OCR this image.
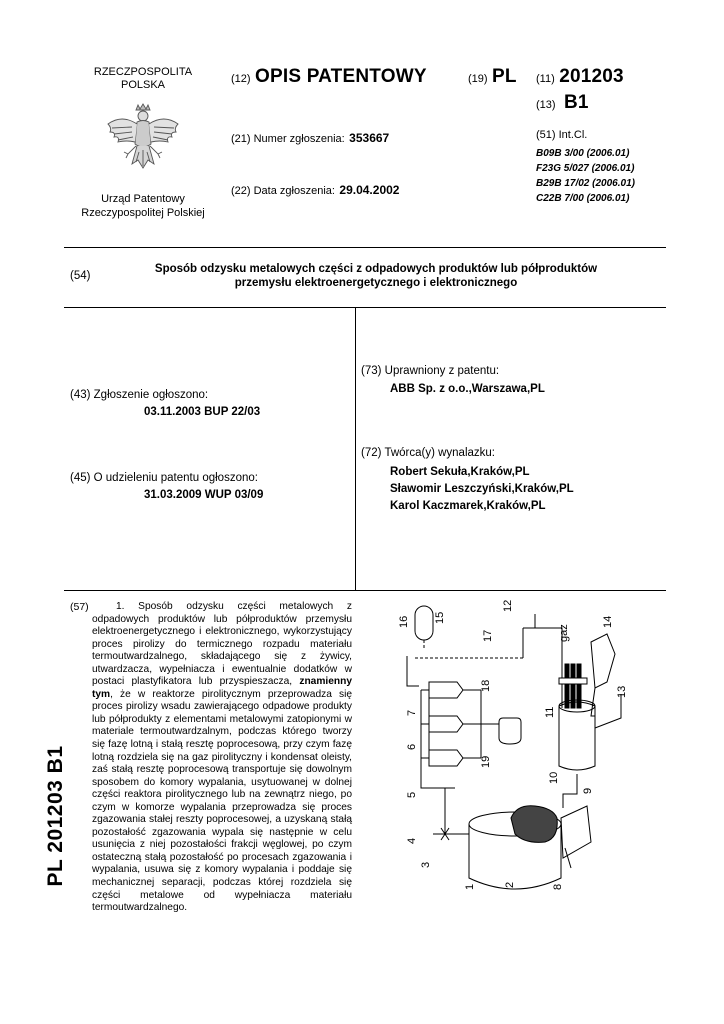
RZECZPOSPOLITA
POLSKA
Urząd Patentowy
Rzeczypospolitej Polskiej
(12) OPIS PATENTOWY	(19) PL (11) 201203
(13) B1
(21) Numer zgłoszenia: 353667
(22) Data zgłoszenia: 29.04.2002
(51) Int.Cl.
B09B 3/00 (2006.01)
F23G 5/027 (2006.01)
B29B 17/02 (2006.01)
C22B 7/00 (2006.01)
(54)
Sposób odzysku metalowych części z odpadowych produktów lub półproduktów
przemysłu elektroenergetycznego i elektronicznego
(43) Zgłoszenie ogłoszono:
03.11.2003 BUP 22/03
(45) O udzieleniu patentu ogłoszono:
31.03.2009 WUP 03/09
(73) Uprawniony z patentu:
ABB Sp. z o.o.,Warszawa,PL
(72) Twórca(y) wynalazku:
Robert Sekuła,Kraków,PL
Sławomir Leszczyński,Kraków,PL
Karol Kaczmarek,Kraków,PL
(57)	1. Sposób odzysku części metalowych z odpadowych produktów lub półproduktów przemysłu elektroenergetycznego i elektronicznego, wykorzystujący proces pirolizy do termicznego rozpadu materiału termoutwardzalnego, składającego się z żywicy, utwardzacza, wypełniacza i ewentualnie dodatków w postaci plastyfikatora lub przyspieszacza, znamienny tym, że w reaktorze pirolitycznym przeprowadza się proces pirolizy wsadu zawierającego odpadowe produkty lub półprodukty z elementami metalowymi zatopionymi w materiale termoutwardzalnym, podczas którego tworzy się fazę lotną i stałą resztę poprocesową, przy czym fazę lotną rozdziela się na gaz pirolityczny i kondensat oleisty, zaś stałą resztę poprocesową transportuje się dowolnym sposobem do komory wypalania, usytuowanej w dolnej części reaktora pirolitycznego lub na zewnątrz niego, po czym w komorze wypalania przeprowadza się proces zgazowania stałej reszty poprocesowej, a uzyskaną stałą pozostałość zgazowania wypala się następnie w celu usunięcia z niej pozostałości frakcji węglowej, po czym ostateczną stałą pozostałość po procesach zgazowania i wypalania, usuwa się z komory wypalania i poddaje się mechanicznej separacji, podczas której rozdziela się części metalowe od wypełniacza materiału termoutwardzalnego.
PL 201203 B1
16 15
12
17	gaz
14
13
18
7
6
5
19
11
10
9
4
3
1	2	8
